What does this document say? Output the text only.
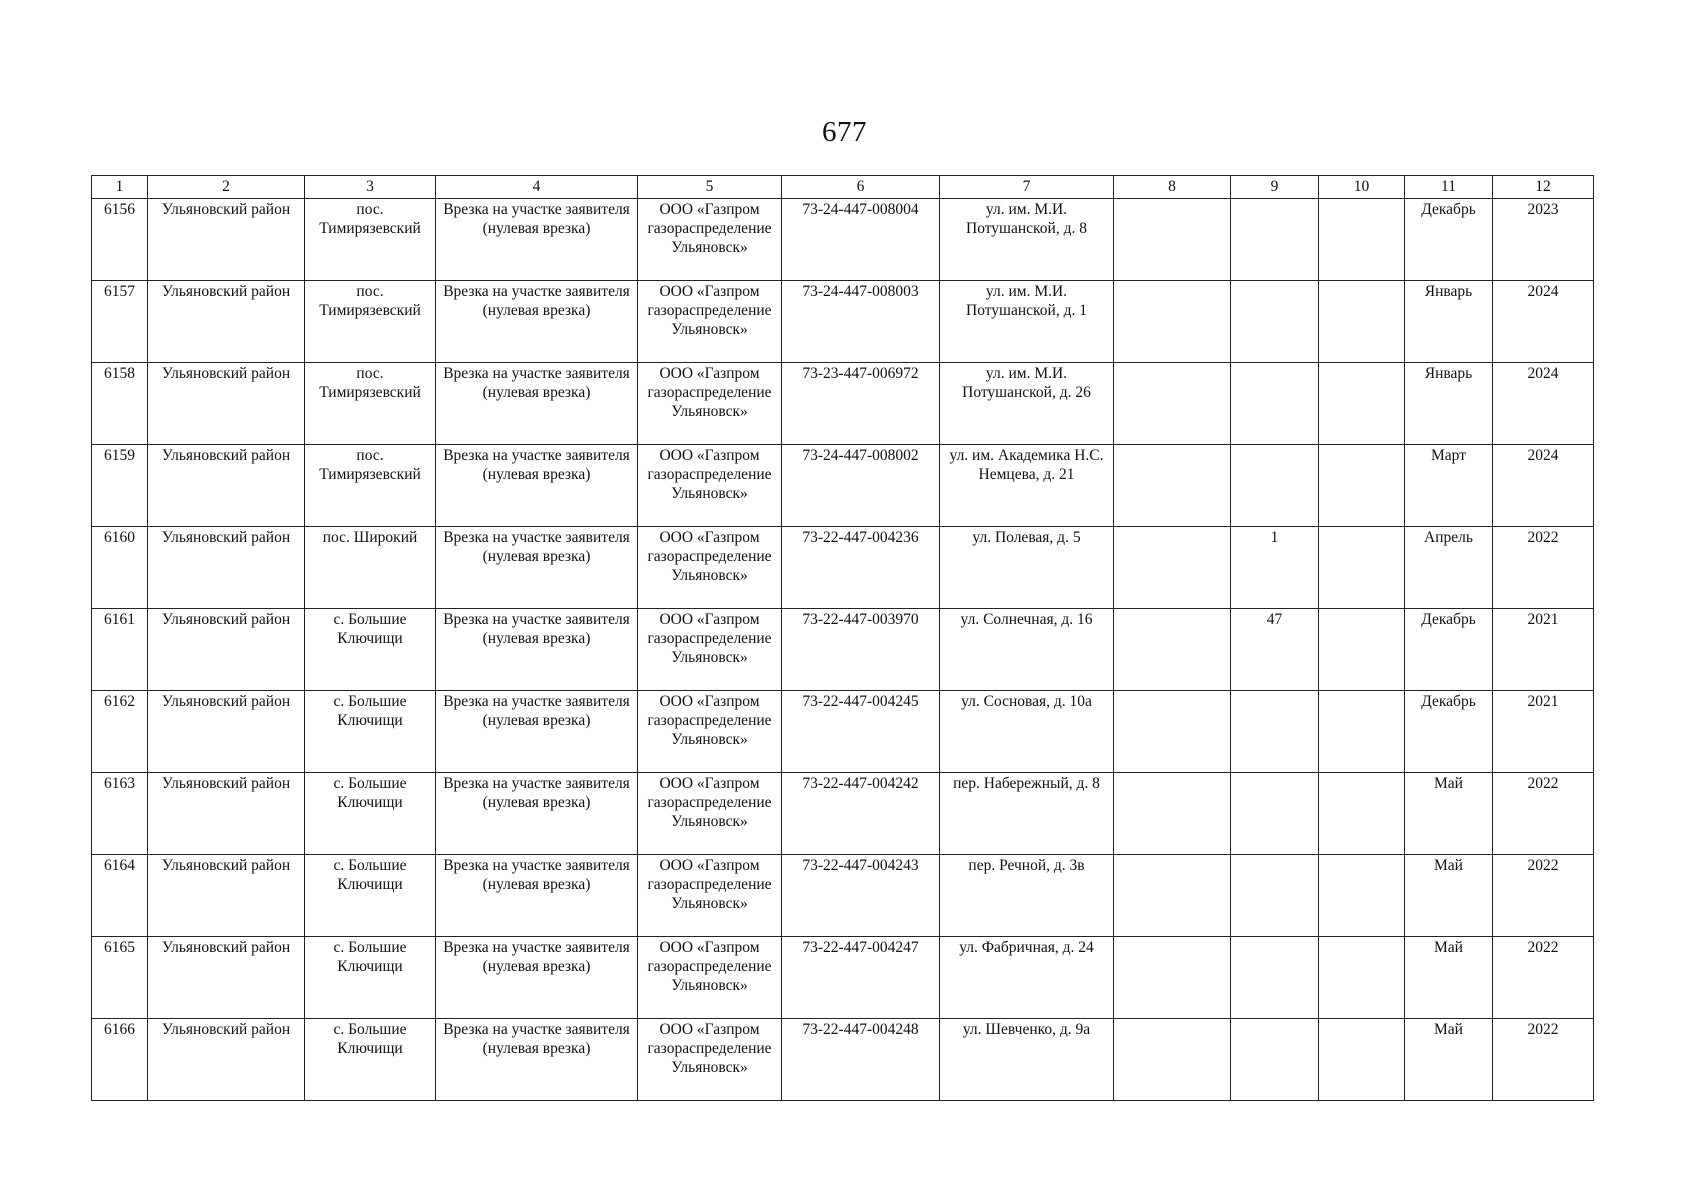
677
1	2	3	4	5	6	7	8	9	10	11	12
6156	Ульяновский район	пос. Тимирязевский	Врезка на участке заявителя (нулевая врезка)	ООО «Газпром газораспределение Ульяновск»	73-24-447-008004	ул. им. М.И. Потушанской, д. 8				Декабрь	2023
6157	Ульяновский район	пос. Тимирязевский	Врезка на участке заявителя (нулевая врезка)	ООО «Газпром газораспределение Ульяновск»	73-24-447-008003	ул. им. М.И. Потушанской, д. 1				Январь	2024
6158	Ульяновский район	пос. Тимирязевский	Врезка на участке заявителя (нулевая врезка)	ООО «Газпром газораспределение Ульяновск»	73-23-447-006972	ул. им. М.И. Потушанской, д. 26				Январь	2024
6159	Ульяновский район	пос. Тимирязевский	Врезка на участке заявителя (нулевая врезка)	ООО «Газпром газораспределение Ульяновск»	73-24-447-008002	ул. им. Академика Н.С. Немцева, д. 21				Март	2024
6160	Ульяновский район	пос. Широкий	Врезка на участке заявителя (нулевая врезка)	ООО «Газпром газораспределение Ульяновск»	73-22-447-004236	ул. Полевая, д. 5		1		Апрель	2022
6161	Ульяновский район	с. Большие Ключищи	Врезка на участке заявителя (нулевая врезка)	ООО «Газпром газораспределение Ульяновск»	73-22-447-003970	ул. Солнечная, д. 16		47		Декабрь	2021
6162	Ульяновский район	с. Большие Ключищи	Врезка на участке заявителя (нулевая врезка)	ООО «Газпром газораспределение Ульяновск»	73-22-447-004245	ул. Сосновая, д. 10а				Декабрь	2021
6163	Ульяновский район	с. Большие Ключищи	Врезка на участке заявителя (нулевая врезка)	ООО «Газпром газораспределение Ульяновск»	73-22-447-004242	пер. Набережный, д. 8				Май	2022
6164	Ульяновский район	с. Большие Ключищи	Врезка на участке заявителя (нулевая врезка)	ООО «Газпром газораспределение Ульяновск»	73-22-447-004243	пер. Речной, д. 3в				Май	2022
6165	Ульяновский район	с. Большие Ключищи	Врезка на участке заявителя (нулевая врезка)	ООО «Газпром газораспределение Ульяновск»	73-22-447-004247	ул. Фабричная, д. 24				Май	2022
6166	Ульяновский район	с. Большие Ключищи	Врезка на участке заявителя (нулевая врезка)	ООО «Газпром газораспределение Ульяновск»	73-22-447-004248	ул. Шевченко, д. 9а				Май	2022
